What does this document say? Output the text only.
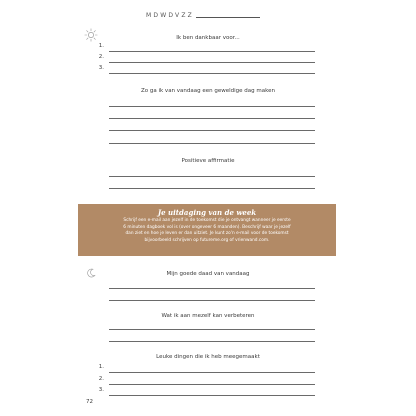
MDWDVZZ
Ik ben dankbaar voor...
1.
2.
3.
Zo ga ik van vandaag een geweldige dag maken
Positieve affirmatie
Je uitdaging van de week
Schrijf een e-mail aan jezelf in de toekomst die je ontvangt wanneer je eerste
6 minuten dagboek vol is (over ongeveer 6 maanden). Beschrijf waar je jezelf
dan ziet en hoe je leven er dan uitziet. Je kunt zo'n e-mail voor de toekomst
bijvoorbeeld schrijven op futureme.org of vrienwand.com.
Mijn goede daad van vandaag
Wat ik aan mezelf kan verbeteren
Leuke dingen die ik heb meegemaakt
1.
2.
3.
72
